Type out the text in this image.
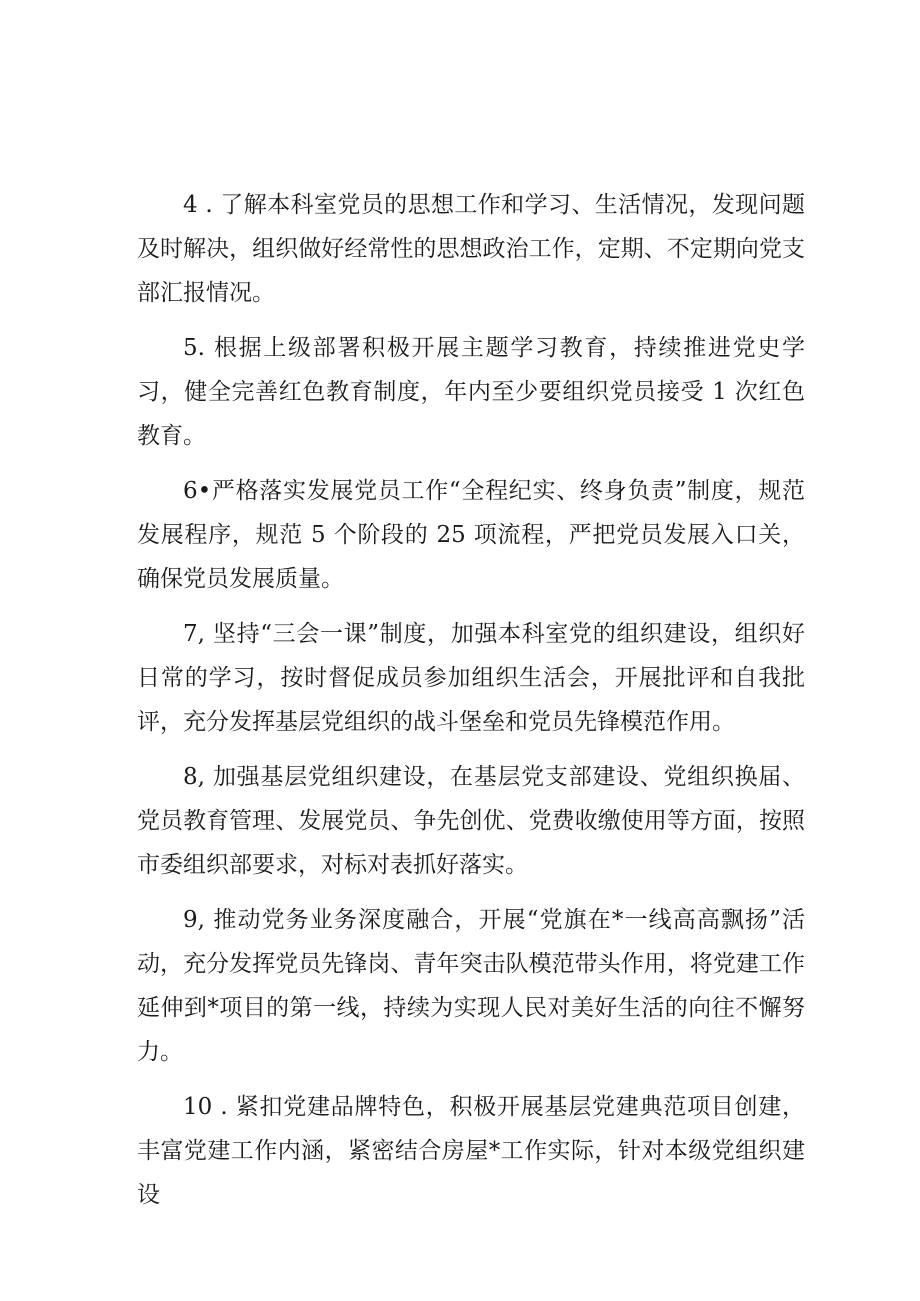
4 . 了解本科室党员的思想工作和学习、生活情况，发现问题及时解决，组织做好经常性的思想政治工作，定期、不定期向党支部汇报情况。

5. 根据上级部署积极开展主题学习教育，持续推进党史学习，健全完善红色教育制度，年内至少要组织党员接受 1 次红色教育。

6•严格落实发展党员工作“全程纪实、终身负责”制度，规范发展程序，规范 5 个阶段的 25 项流程，严把党员发展入口关，确保党员发展质量。

7, 坚持“三会一课”制度，加强本科室党的组织建设，组织好日常的学习，按时督促成员参加组织生活会，开展批评和自我批评，充分发挥基层党组织的战斗堡垒和党员先锋模范作用。

8, 加强基层党组织建设，在基层党支部建设、党组织换届、党员教育管理、发展党员、争先创优、党费收缴使用等方面，按照市委组织部要求，对标对表抓好落实。

9, 推动党务业务深度融合，开展“党旗在*一线高高飘扬”活动，充分发挥党员先锋岗、青年突击队模范带头作用，将党建工作延伸到*项目的第一线，持续为实现人民对美好生活的向往不懈努力。

10 . 紧扣党建品牌特色，积极开展基层党建典范项目创建，丰富党建工作内涵，紧密结合房屋*工作实际，针对本级党组织建设
